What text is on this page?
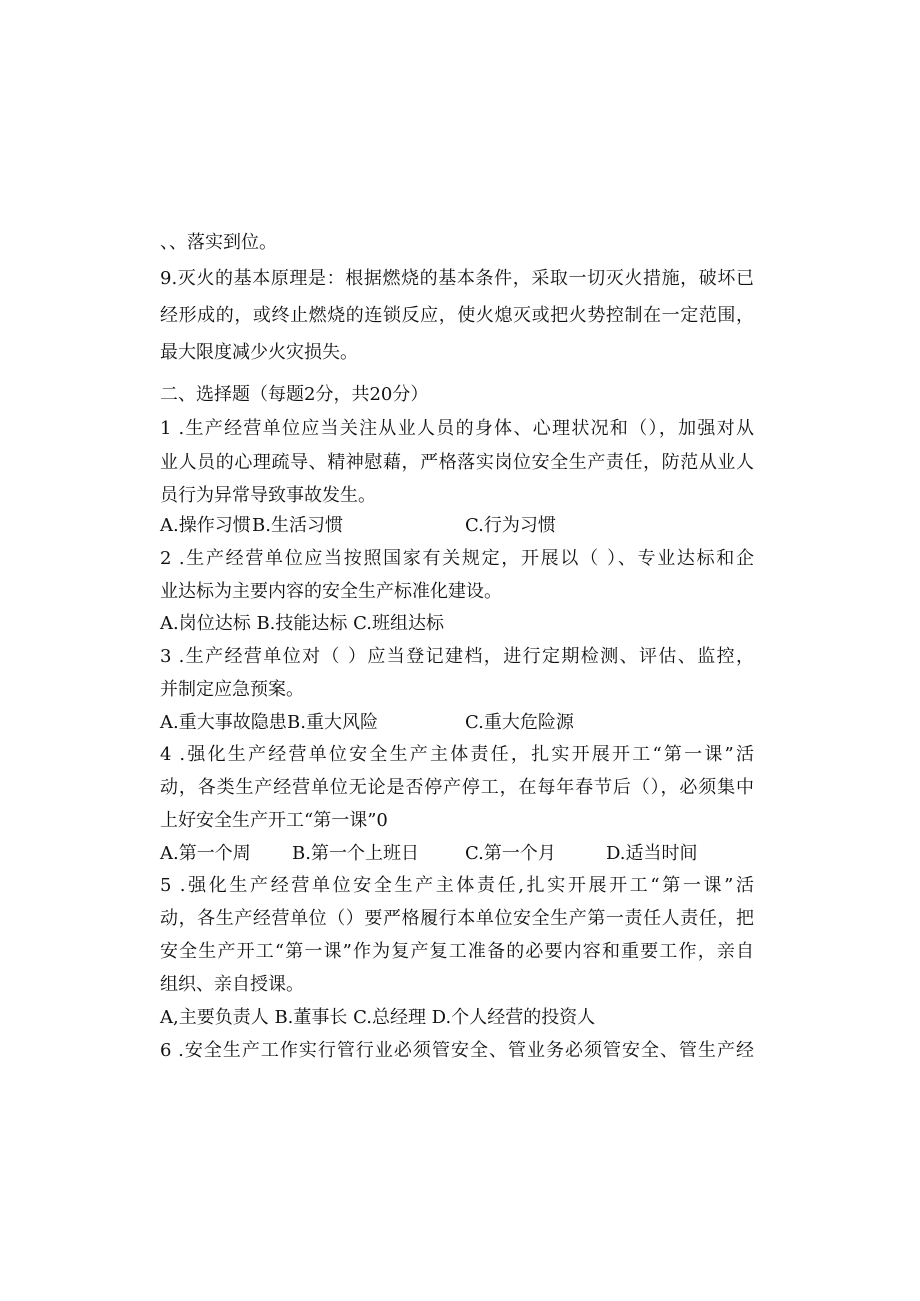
、、落实到位。
9.灭火的基本原理是：根据燃烧的基本条件，采取一切灭火措施，破坏已
经形成的，或终止燃烧的连锁反应，使火熄灭或把火势控制在一定范围，
最大限度减少火灾损失。
二、选择题（每题2分，共20分）
1 .生产经营单位应当关注从业人员的身体、心理状况和（），加强对从
业人员的心理疏导、精神慰藉，严格落实岗位安全生产责任，防范从业人
员行为异常导致事故发生。
A.操作习惯 B.生活习惯	C.行为习惯
2 .生产经营单位应当按照国家有关规定，开展以（ ）、专业达标和企
业达标为主要内容的安全生产标准化建设。
A.岗位达标 B.技能达标 C.班组达标
3 .生产经营单位对（ ）应当登记建档，进行定期检测、评估、监控，
并制定应急预案。
A.重大事故隐患 B.重大风险	C.重大危险源
4 .强化生产经营单位安全生产主体责任，扎实开展开工“第一课”活
动，各类生产经营单位无论是否停产停工，在每年春节后（），必须集中
上好安全生产开工“第一课”0
A.第一个周 B.第一个上班日	C.第一个月	D.适当时间
5 .强化生产经营单位安全生产主体责任,扎实开展开工“第一课”活
动，各生产经营单位（）要严格履行本单位安全生产第一责任人责任，把
安全生产开工“第一课”作为复产复工准备的必要内容和重要工作，亲自
组织、亲自授课。
A,主要负责人 B.董事长 C.总经理 D.个人经营的投资人
6 .安全生产工作实行管行业必须管安全、管业务必须管安全、管生产经
